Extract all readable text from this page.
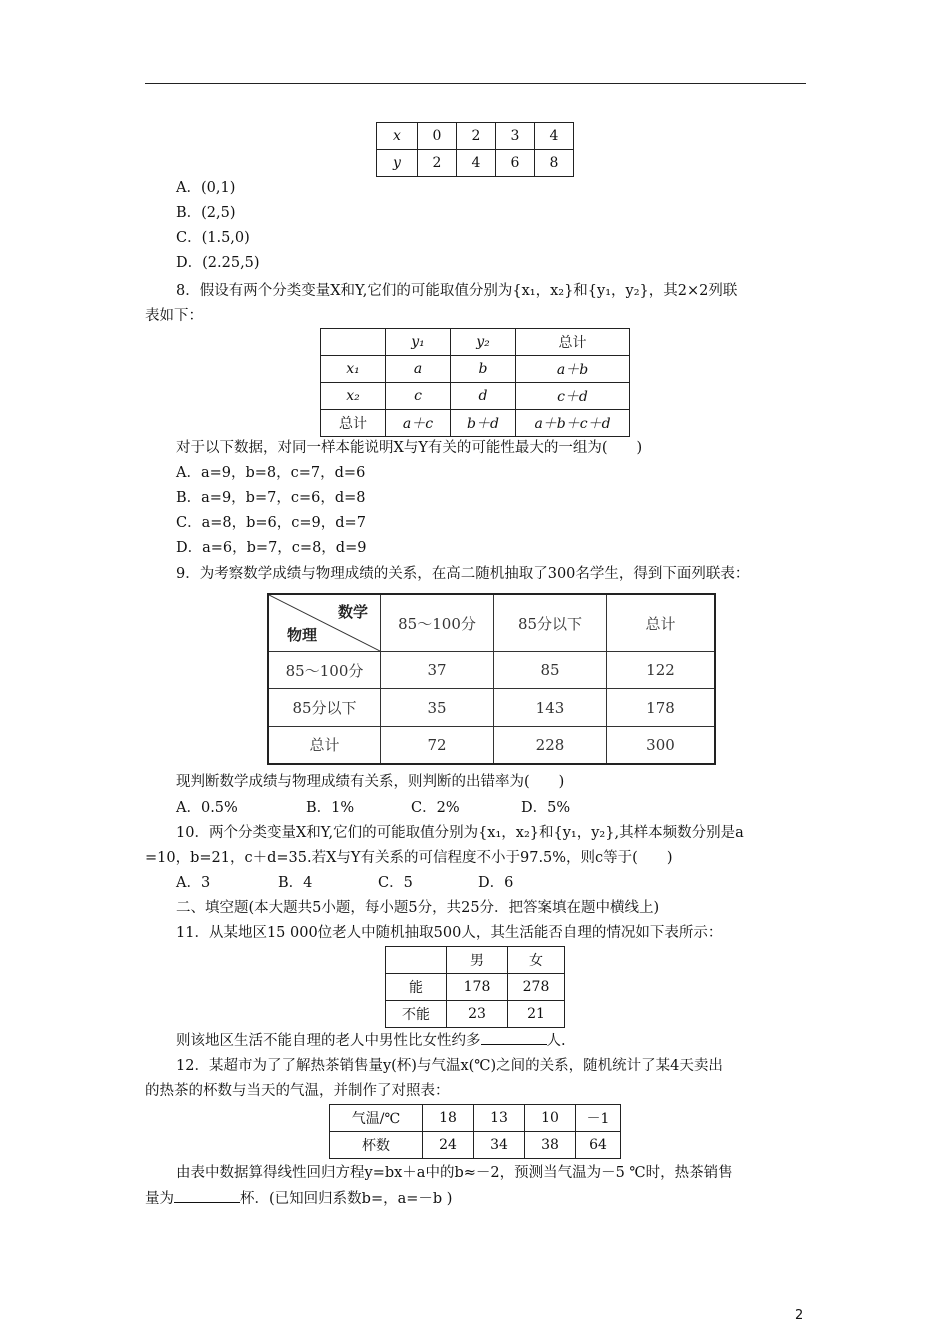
x	0	2	3	4
y	2	4	6	8
A．(0,1)
B．(2,5)
C．(1.5,0)
D．(2.25,5)
8．假设有两个分类变量X和Y,它们的可能取值分别为{x₁，x₂}和{y₁，y₂}，其2×2列联
表如下：
	y₁	y₂	总计
x₁	a	b	a＋b
x₂	c	d	c＋d
总计	a＋c	b＋d	a＋b＋c＋d
对于以下数据，对同一样本能说明X与Y有关的可能性最大的一组为(　　)
A．a=9，b=8，c=7，d=6
B．a=9，b=7，c=6，d=8
C．a=8，b=6，c=9，d=7
D．a=6，b=7，c=8，d=9
9．为考察数学成绩与物理成绩的关系，在高二随机抽取了300名学生，得到下面列联表：
数学
物理	85～100分	85分以下	总计
85～100分	37	85	122
85分以下	35	143	178
总计	72	228	300
现判断数学成绩与物理成绩有关系，则判断的出错率为(　　)
A．0.5%	B．1%	C．2%	D．5%
10．两个分类变量X和Y,它们的可能取值分别为{x₁，x₂}和{y₁，y₂},其样本频数分别是a
=10，b=21，c＋d=35.若X与Y有关系的可信程度不小于97.5%，则c等于(　　)
A．3	B．4	C．5	D．6
二、填空题(本大题共5小题，每小题5分，共25分．把答案填在题中横线上)
11．从某地区15 000位老人中随机抽取500人，其生活能否自理的情况如下表所示：
	男	女
能	178	278
不能	23	21
则该地区生活不能自理的老人中男性比女性约多	人.
12．某超市为了了解热茶销售量y(杯)与气温x(℃)之间的关系，随机统计了某4天卖出
的热茶的杯数与当天的气温，并制作了对照表：
气温/℃	18	13	10	－1
杯数	24	34	38	64
由表中数据算得线性回归方程y=bx＋a中的b≈－2，预测当气温为－5 ℃时，热茶销售
量为	杯．(已知回归系数b=，a=－b )
2
